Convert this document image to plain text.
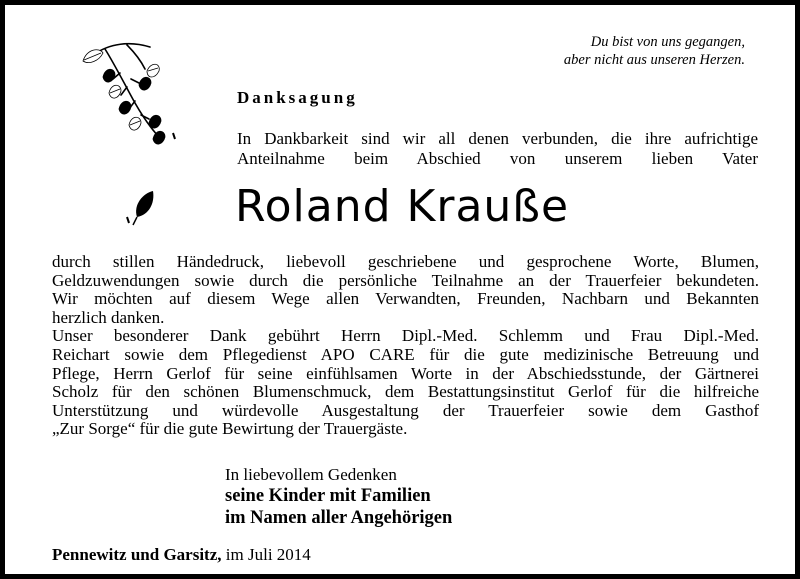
Du bist von uns gegangen,
aber nicht aus unseren Herzen.

Danksagung

In Dankbarkeit sind wir all denen verbunden, die ihre aufrichtige
Anteilnahme beim Abschied von unserem lieben Vater

Roland Krauße

durch stillen Händedruck, liebevoll geschriebene und gesprochene Worte, Blumen,
Geldzuwendungen sowie durch die persönliche Teilnahme an der Trauerfeier bekundeten.
Wir möchten auf diesem Wege allen Verwandten, Freunden, Nachbarn und Bekannten
herzlich danken.
Unser besonderer Dank gebührt Herrn Dipl.-Med. Schlemm und Frau Dipl.-Med.
Reichart sowie dem Pflegedienst APO CARE für die gute medizinische Betreuung und
Pflege, Herrn Gerlof für seine einfühlsamen Worte in der Abschiedsstunde, der Gärtnerei
Scholz für den schönen Blumenschmuck, dem Bestattungsinstitut Gerlof für die hilfreiche
Unterstützung und würdevolle Ausgestaltung der Trauerfeier sowie dem Gasthof
„Zur Sorge“ für die gute Bewirtung der Trauergäste.

In liebevollem Gedenken
seine Kinder mit Familien
im Namen aller Angehörigen

Pennewitz und Garsitz, im Juli 2014
